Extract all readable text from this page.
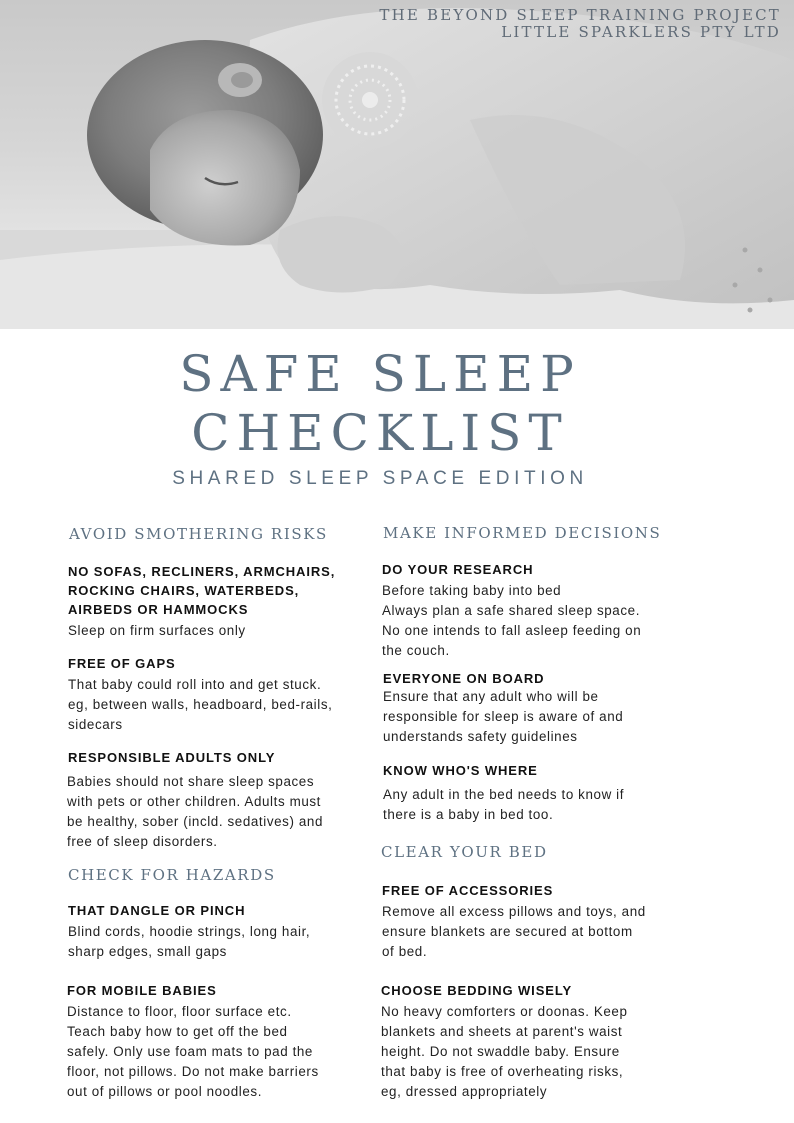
THE BEYOND SLEEP TRAINING PROJECT
LITTLE SPARKLERS PTY LTD
SAFE SLEEP
CHECKLIST
SHARED SLEEP SPACE EDITION
AVOID SMOTHERING RISKS
NO SOFAS, RECLINERS, ARMCHAIRS,
ROCKING CHAIRS, WATERBEDS,
AIRBEDS OR HAMMOCKS
Sleep on firm surfaces only
FREE OF GAPS
That baby could roll into and get stuck.
eg, between walls, headboard, bed-rails,
sidecars
RESPONSIBLE ADULTS ONLY
Babies should not share sleep spaces
with pets or other children. Adults must
be healthy, sober (incld. sedatives) and
free of sleep disorders.
CHECK FOR HAZARDS
THAT DANGLE OR PINCH
Blind cords, hoodie strings, long hair,
sharp edges, small gaps
FOR MOBILE BABIES
Distance to floor, floor surface etc.
Teach baby how to get off the bed
safely. Only use foam mats to pad the
floor, not pillows. Do not make barriers
out of pillows or pool noodles.
MAKE INFORMED DECISIONS
DO YOUR RESEARCH
Before taking baby into bed
Always plan a safe shared sleep space.
No one intends to fall asleep feeding on
the couch.
EVERYONE ON BOARD
Ensure that any adult who will be
responsible for sleep is aware of and
understands safety guidelines
KNOW WHO'S WHERE
Any adult in the bed needs to know if
there is a baby in bed too.
CLEAR YOUR BED
FREE OF ACCESSORIES
Remove all excess pillows and toys, and
ensure blankets are secured at bottom
of bed.
CHOOSE BEDDING WISELY
No heavy comforters or doonas. Keep
blankets and sheets at parent's waist
height. Do not swaddle baby. Ensure
that baby is free of overheating risks,
eg, dressed appropriately
